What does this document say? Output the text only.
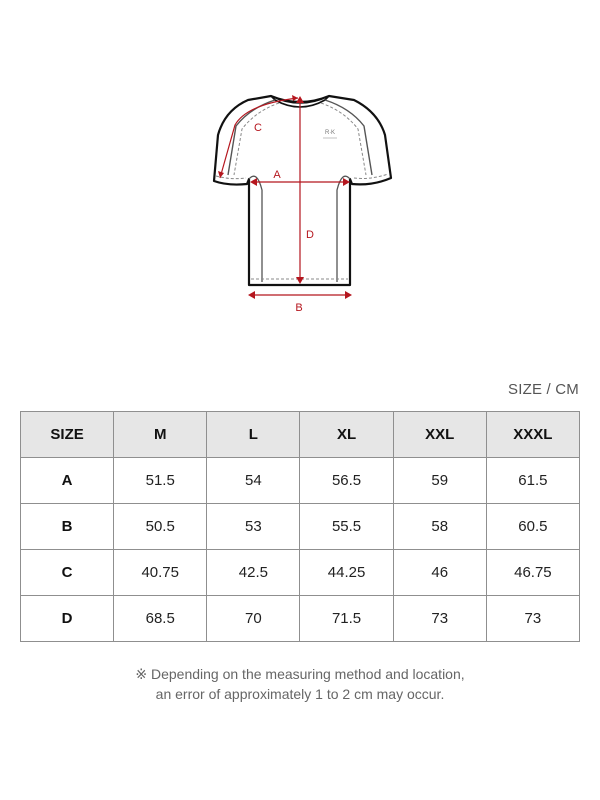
R∙K
C
A
D
B
SIZE / CM
SIZE	M	L	XL	XXL	XXXL
A	51.5	54	56.5	59	61.5
B	50.5	53	55.5	58	60.5
C	40.75	42.5	44.25	46	46.75
D	68.5	70	71.5	73	73
※ Depending on the measuring method and location,
an error of approximately 1 to 2 cm may occur.
